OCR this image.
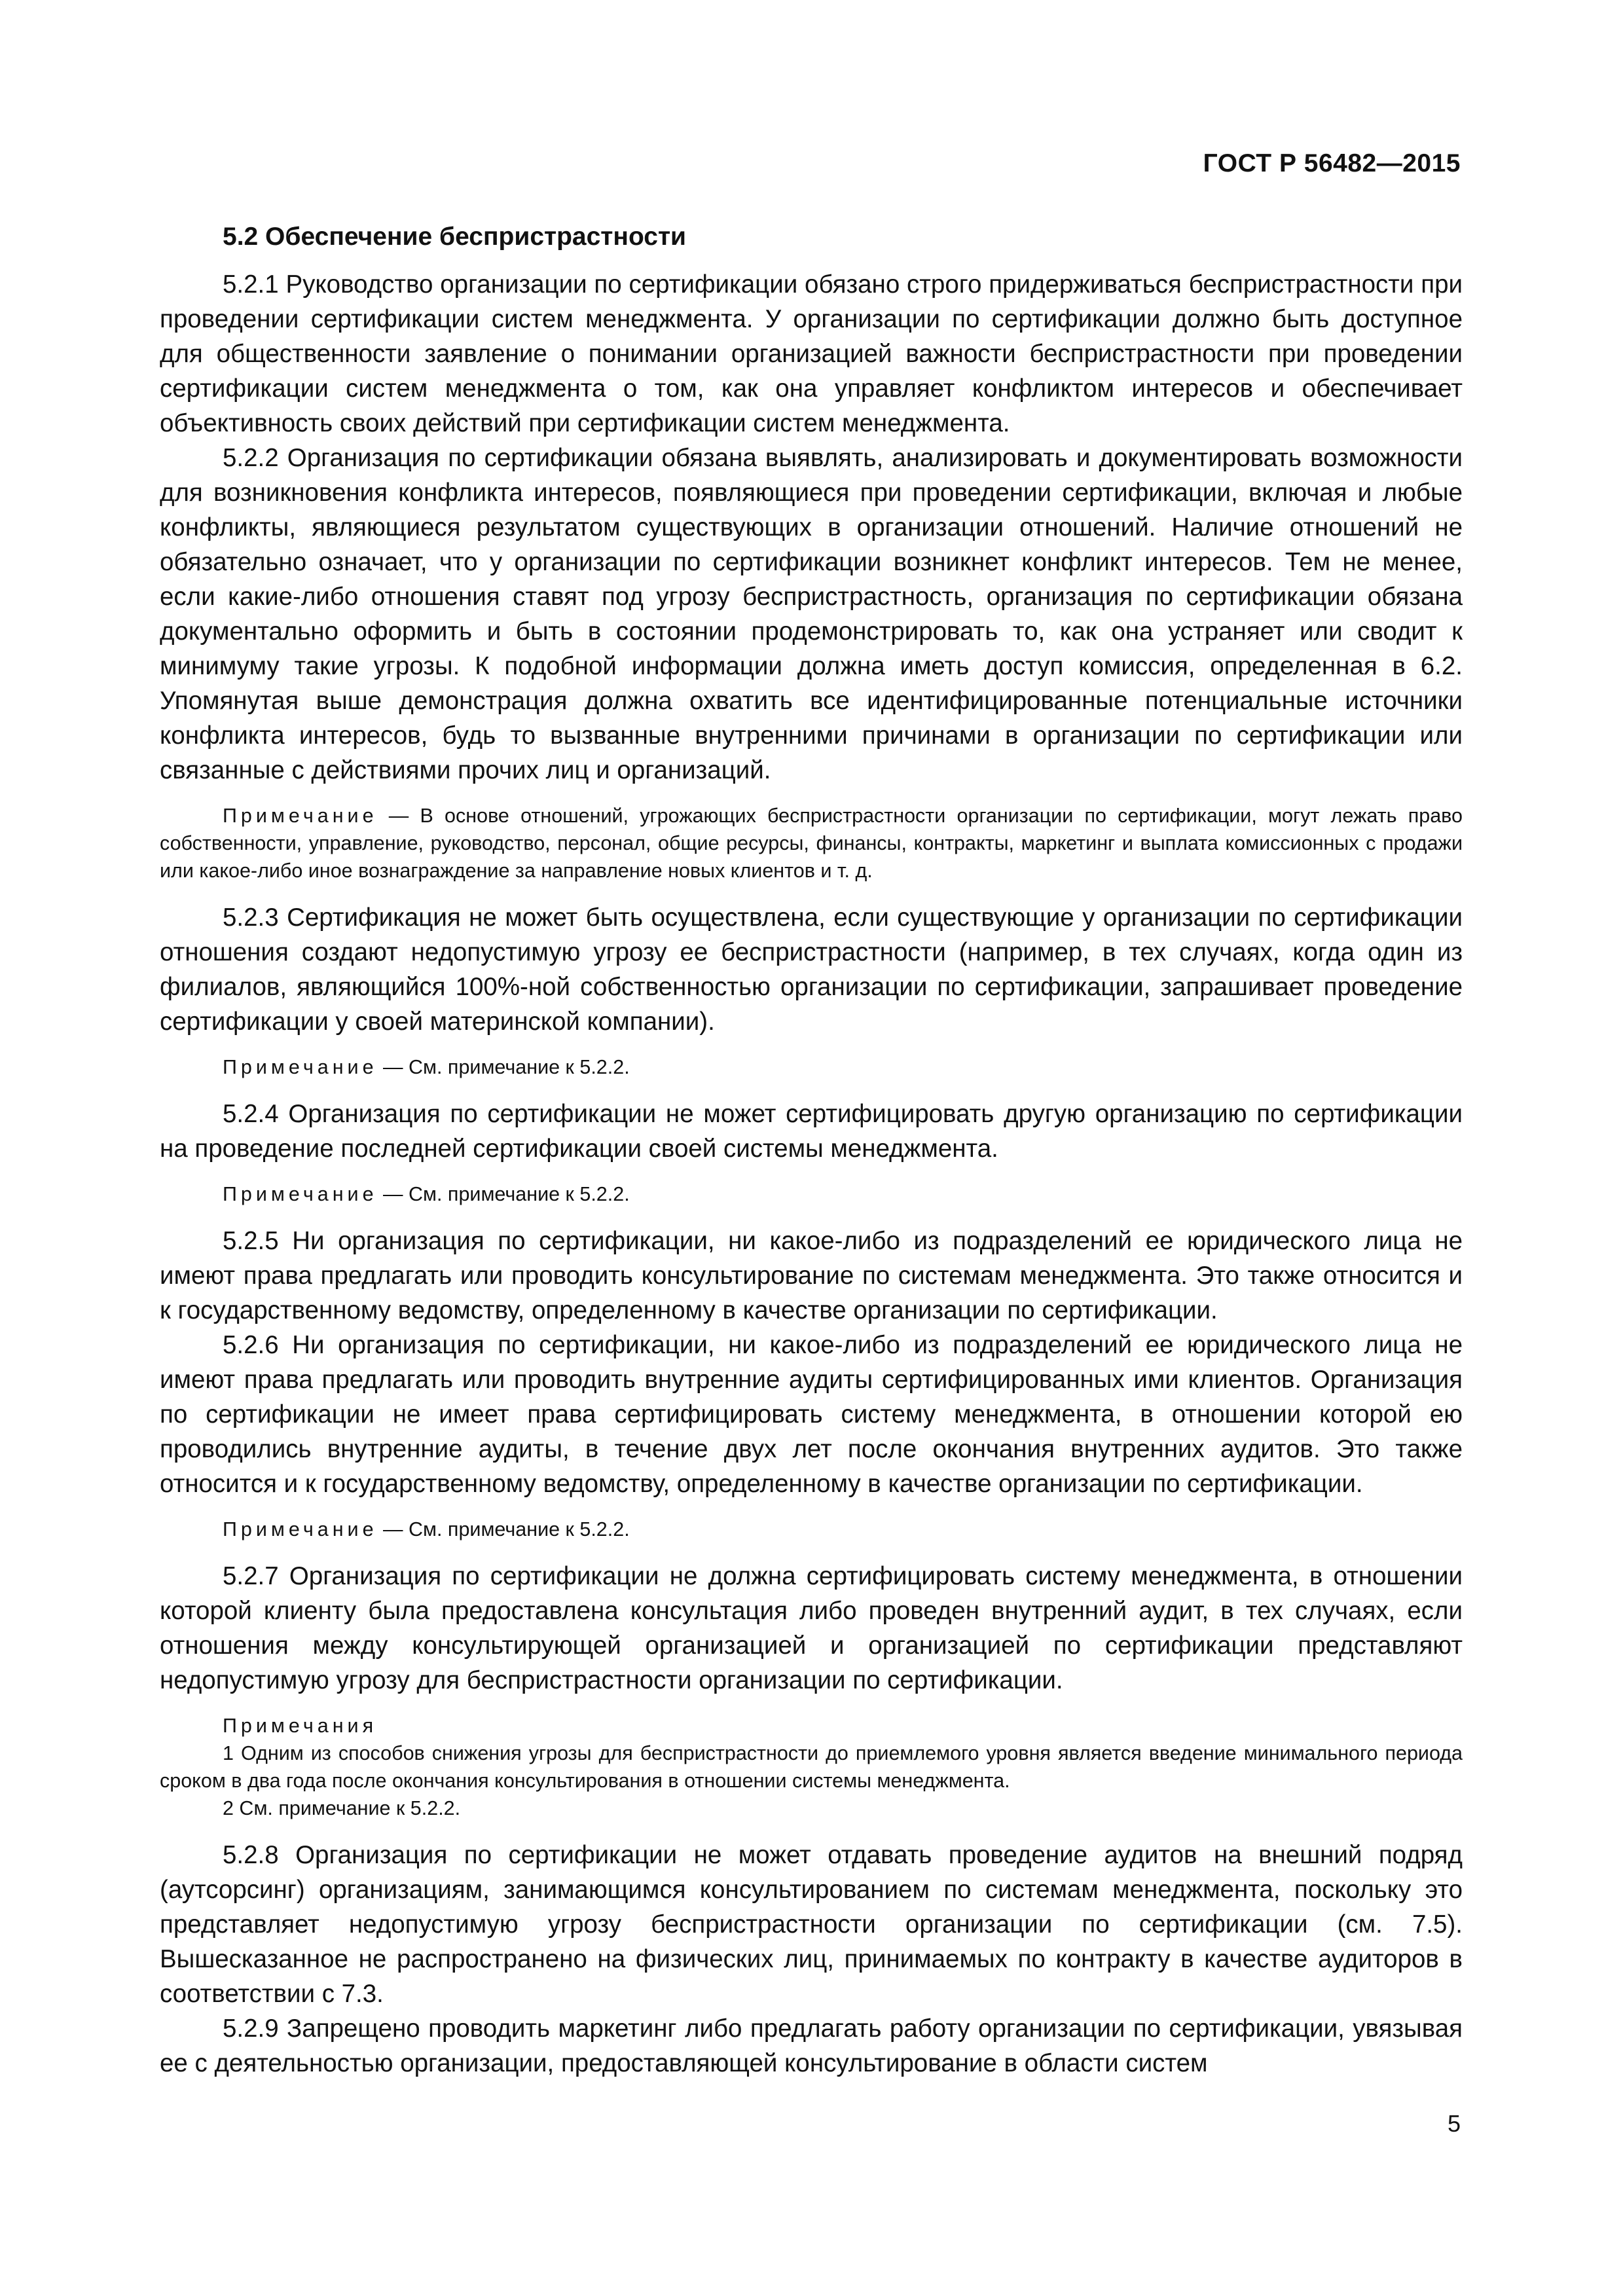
ГОСТ Р 56482—2015
5.2 Обеспечение беспристрастности

5.2.1 Руководство организации по сертификации обязано строго придерживаться беспристрастности при проведении сертификации систем менеджмента. У организации по сертификации должно быть доступное для общественности заявление о понимании организацией важности беспристрастности при проведении сертификации систем менеджмента о том, как она управляет конфликтом интересов и обеспечивает объективность своих действий при сертификации систем менеджмента.

5.2.2 Организация по сертификации обязана выявлять, анализировать и документировать возможности для возникновения конфликта интересов, появляющиеся при проведении сертификации, включая и любые конфликты, являющиеся результатом существующих в организации отношений. Наличие отношений не обязательно означает, что у организации по сертификации возникнет конфликт интересов. Тем не менее, если какие-либо отношения ставят под угрозу беспристрастность, организация по сертификации обязана документально оформить и быть в состоянии продемонстрировать то, как она устраняет или сводит к минимуму такие угрозы. К подобной информации должна иметь доступ комиссия, определенная в 6.2. Упомянутая выше демонстрация должна охватить все идентифицированные потенциальные источники конфликта интересов, будь то вызванные внутренними причинами в организации по сертификации или связанные с действиями прочих лиц и организаций.

Примечание — В основе отношений, угрожающих беспристрастности организации по сертификации, могут лежать право собственности, управление, руководство, персонал, общие ресурсы, финансы, контракты, маркетинг и выплата комиссионных с продажи или какое-либо иное вознаграждение за направление новых клиентов и т. д.

5.2.3 Сертификация не может быть осуществлена, если существующие у организации по сертификации отношения создают недопустимую угрозу ее беспристрастности (например, в тех случаях, когда один из филиалов, являющийся 100%-ной собственностью организации по сертификации, запрашивает проведение сертификации у своей материнской компании).

Примечание — См. примечание к 5.2.2.

5.2.4 Организация по сертификации не может сертифицировать другую организацию по сертификации на проведение последней сертификации своей системы менеджмента.

Примечание — См. примечание к 5.2.2.

5.2.5 Ни организация по сертификации, ни какое-либо из подразделений ее юридического лица не имеют права предлагать или проводить консультирование по системам менеджмента. Это также относится и к государственному ведомству, определенному в качестве организации по сертификации.

5.2.6 Ни организация по сертификации, ни какое-либо из подразделений ее юридического лица не имеют права предлагать или проводить внутренние аудиты сертифицированных ими клиентов. Организация по сертификации не имеет права сертифицировать систему менеджмента, в отношении которой ею проводились внутренние аудиты, в течение двух лет после окончания внутренних аудитов. Это также относится и к государственному ведомству, определенному в качестве организации по сертификации.

Примечание — См. примечание к 5.2.2.

5.2.7 Организация по сертификации не должна сертифицировать систему менеджмента, в отношении которой клиенту была предоставлена консультация либо проведен внутренний аудит, в тех случаях, если отношения между консультирующей организацией и организацией по сертификации представляют недопустимую угрозу для беспристрастности организации по сертификации.

Примечания

1 Одним из способов снижения угрозы для беспристрастности до приемлемого уровня является введение минимального периода сроком в два года после окончания консультирования в отношении системы менеджмента.

2 См. примечание к 5.2.2.

5.2.8 Организация по сертификации не может отдавать проведение аудитов на внешний подряд (аутсорсинг) организациям, занимающимся консультированием по системам менеджмента, поскольку это представляет недопустимую угрозу беспристрастности организации по сертификации (см. 7.5). Вышесказанное не распространено на физических лиц, принимаемых по контракту в качестве аудиторов в соответствии с 7.3.

5.2.9 Запрещено проводить маркетинг либо предлагать работу организации по сертификации, увязывая ее с деятельностью организации, предоставляющей консультирование в области систем

5
